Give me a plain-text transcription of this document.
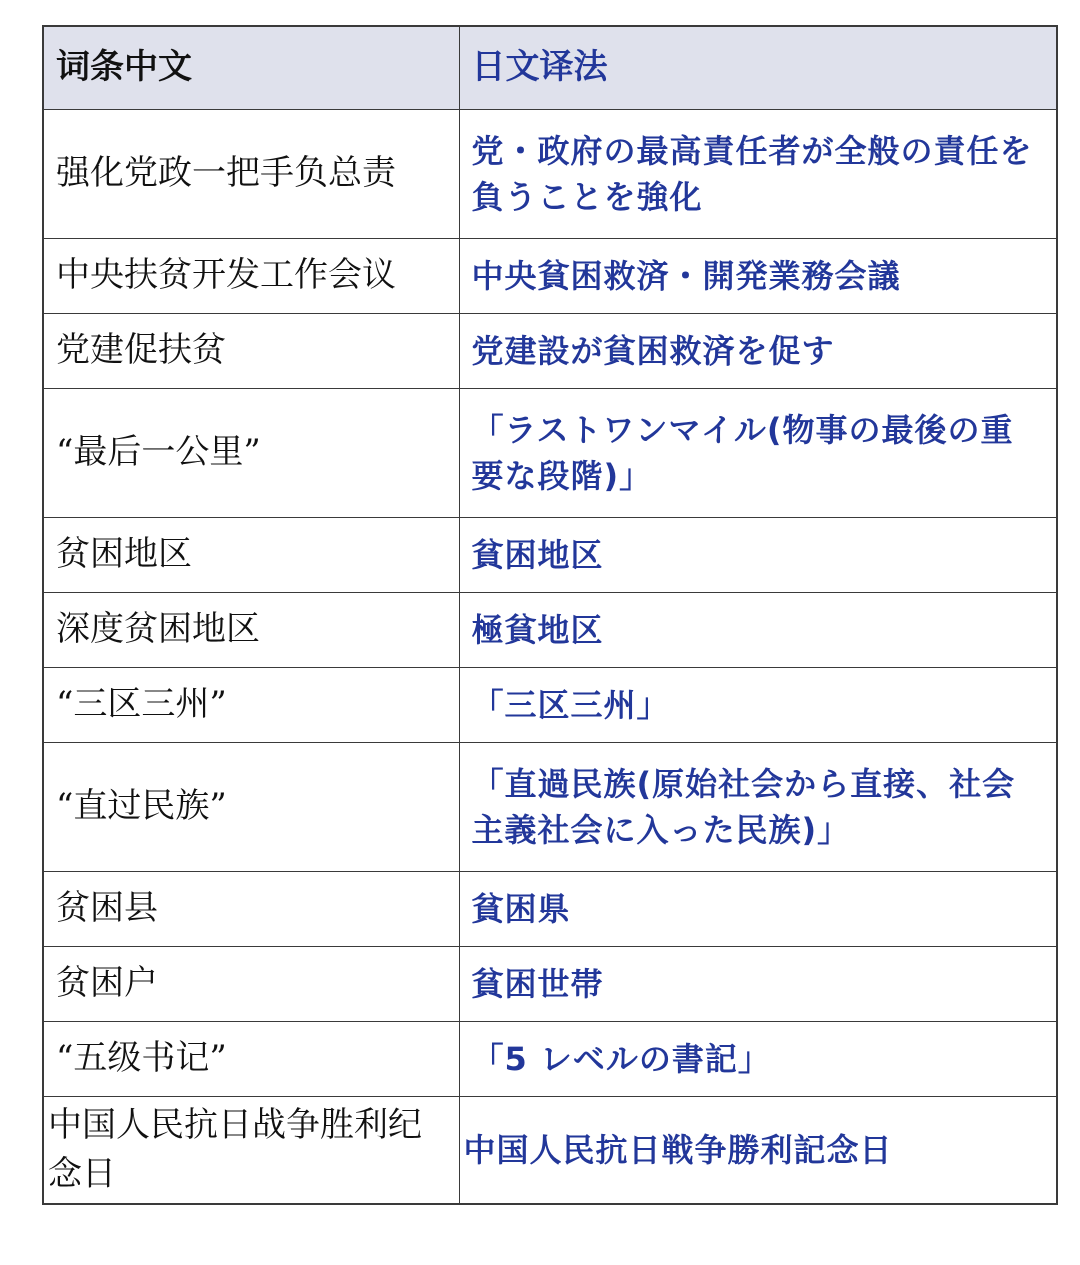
词条中文	日文译法
强化党政一把手负总责	党・政府の最高責任者が全般の責任を負うことを強化
中央扶贫开发工作会议	中央貧困救済・開発業務会議
党建促扶贫	党建設が貧困救済を促す
“最后一公里”	「ラストワンマイル(物事の最後の重要な段階)」
贫困地区	貧困地区
深度贫困地区	極貧地区
“三区三州”	「三区三州」
“直过民族”	「直過民族(原始社会から直接、社会主義社会に入った民族)」
贫困县	貧困県
贫困户	貧困世帯
“五级书记”	「5 レベルの書記」
中国人民抗日战争胜利纪念日	中国人民抗日戦争勝利記念日
